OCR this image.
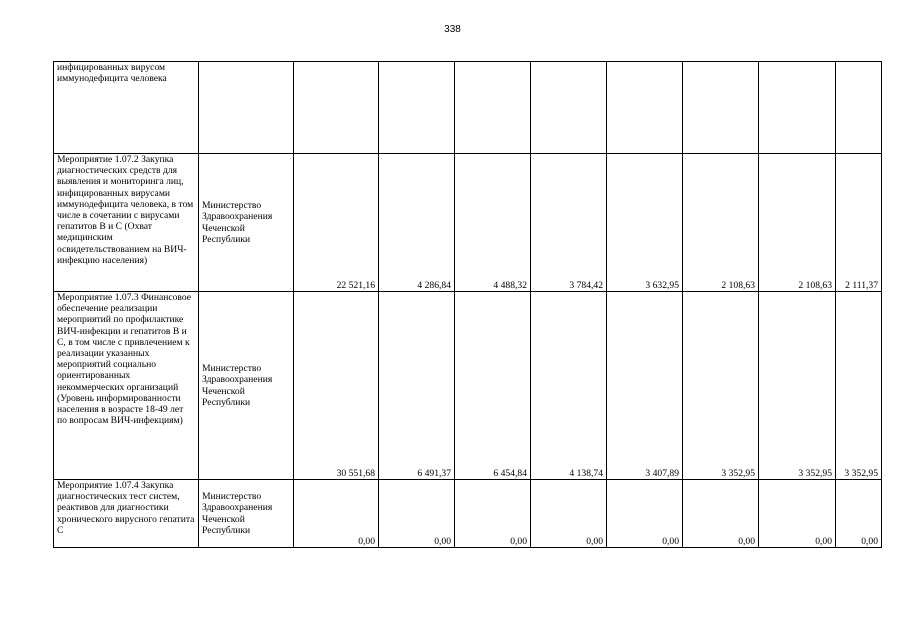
338
инфицированных вирусом иммунодефицита человека									
Мероприятие 1.07.2 Закупка диагностических средств для выявления и мониторинга лиц, инфицированных вирусами иммунодефицита человека, в том числе в сочетании с вирусами гепатитов В и С (Охват медицинским освидетельствованием на ВИЧ-инфекцию населения)	Министерство Здравоохранения Чеченской Республики	22 521,16	4 286,84	4 488,32	3 784,42	3 632,95	2 108,63	2 108,63	2 111,37
Мероприятие 1.07.3 Финансовое обеспечение реализации мероприятий по профилактике ВИЧ-инфекции и гепатитов В и С, в том числе с привлечением к реализации указанных мероприятий социально ориентированных некоммерческих организаций (Уровень информированности населения в возрасте 18-49 лет по вопросам ВИЧ-инфекциям)	Министерство Здравоохранения Чеченской Республики	30 551,68	6 491,37	6 454,84	4 138,74	3 407,89	3 352,95	3 352,95	3 352,95
Мероприятие 1.07.4 Закупка диагностических тест систем, реактивов для диагностики хронического вирусного гепатита С	Министерство Здравоохранения Чеченской Республики	0,00	0,00	0,00	0,00	0,00	0,00	0,00	0,00
